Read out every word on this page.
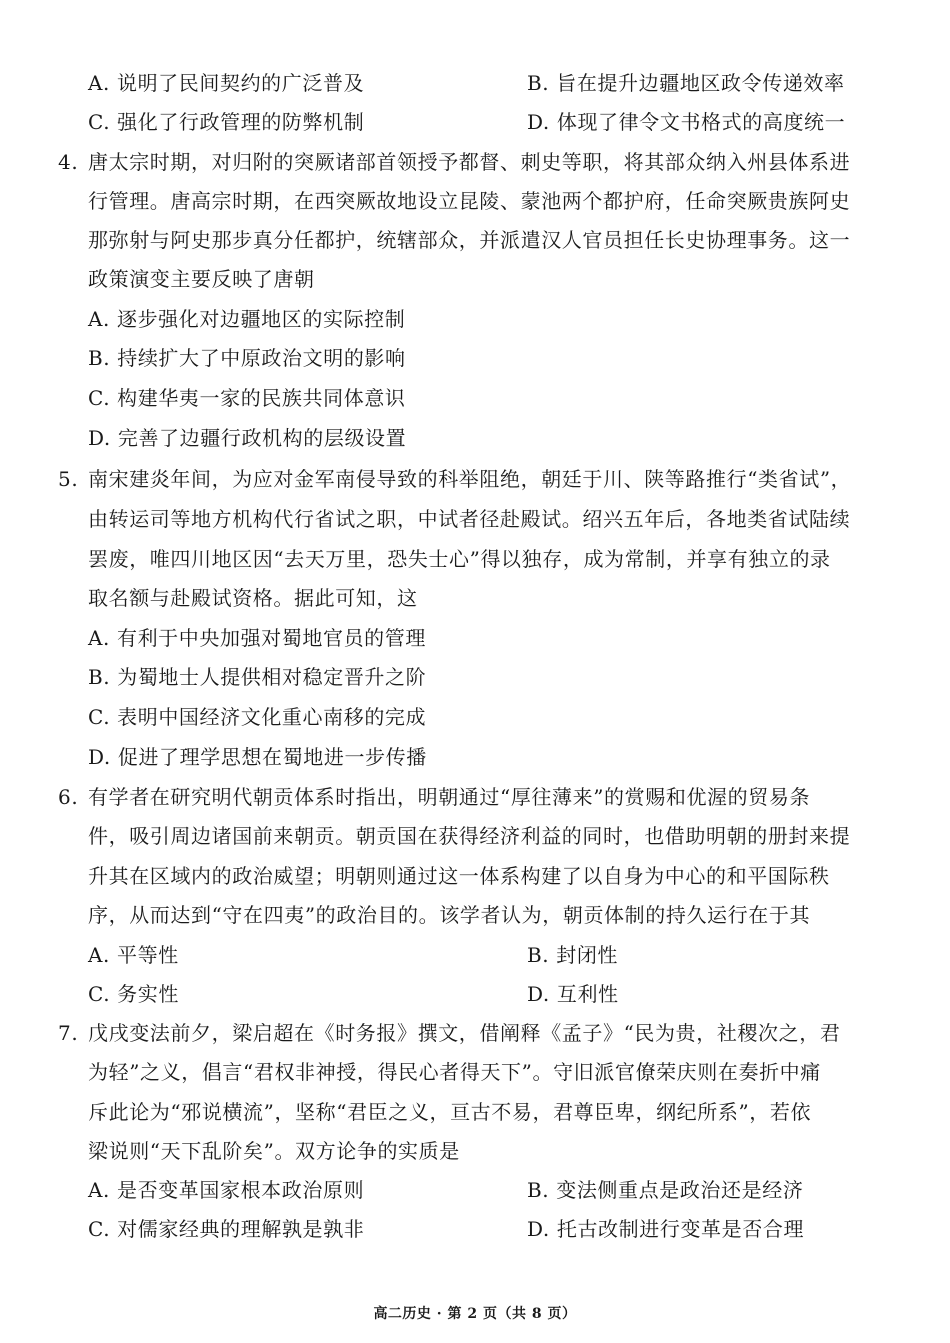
A. 说明了民间契约的广泛普及	B. 旨在提升边疆地区政令传递效率
C. 强化了行政管理的防弊机制	D. 体现了律令文书格式的高度统一
4. 唐太宗时期，对归附的突厥诸部首领授予都督、刺史等职，将其部众纳入州县体系进
行管理。唐高宗时期，在西突厥故地设立昆陵、蒙池两个都护府，任命突厥贵族阿史
那弥射与阿史那步真分任都护，统辖部众，并派遣汉人官员担任长史协理事务。这一
政策演变主要反映了唐朝
A. 逐步强化对边疆地区的实际控制
B. 持续扩大了中原政治文明的影响
C. 构建华夷一家的民族共同体意识
D. 完善了边疆行政机构的层级设置
5. 南宋建炎年间，为应对金军南侵导致的科举阻绝，朝廷于川、陕等路推行“类省试”，
由转运司等地方机构代行省试之职，中试者径赴殿试。绍兴五年后，各地类省试陆续
罢废，唯四川地区因“去天万里，恐失士心”得以独存，成为常制，并享有独立的录
取名额与赴殿试资格。据此可知，这
A. 有利于中央加强对蜀地官员的管理
B. 为蜀地士人提供相对稳定晋升之阶
C. 表明中国经济文化重心南移的完成
D. 促进了理学思想在蜀地进一步传播
6. 有学者在研究明代朝贡体系时指出，明朝通过“厚往薄来”的赏赐和优渥的贸易条
件，吸引周边诸国前来朝贡。朝贡国在获得经济利益的同时，也借助明朝的册封来提
升其在区域内的政治威望；明朝则通过这一体系构建了以自身为中心的和平国际秩
序，从而达到“守在四夷”的政治目的。该学者认为，朝贡体制的持久运行在于其
A. 平等性	B. 封闭性
C. 务实性	D. 互利性
7. 戊戌变法前夕，梁启超在《时务报》撰文，借阐释《孟子》“民为贵，社稷次之，君
为轻”之义，倡言“君权非神授，得民心者得天下”。守旧派官僚荣庆则在奏折中痛
斥此论为“邪说横流”，坚称“君臣之义，亘古不易，君尊臣卑，纲纪所系”，若依
梁说则“天下乱阶矣”。双方论争的实质是
A. 是否变革国家根本政治原则	B. 变法侧重点是政治还是经济
C. 对儒家经典的理解孰是孰非	D. 托古改制进行变革是否合理
高二历史 · 第 2 页（共 8 页）
